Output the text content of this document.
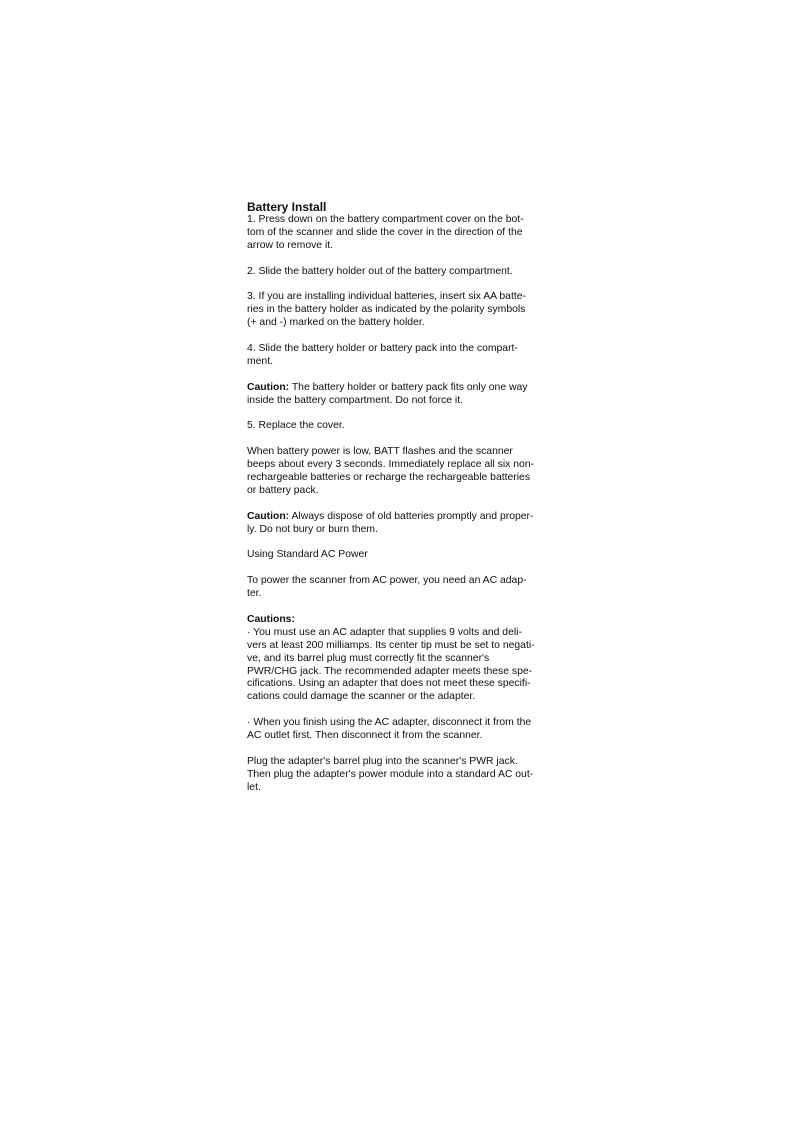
Battery Install

1. Press down on the battery compartment cover on the bot-
tom of the scanner and slide the cover in the direction of the
arrow to remove it.

2. Slide the battery holder out of the battery compartment.

3. If you are installing individual batteries, insert six AA batte-
ries in the battery holder as indicated by the polarity symbols
(+ and -) marked on the battery holder.

4. Slide the battery holder or battery pack into the compart-
ment.

Caution: The battery holder or battery pack fits only one way
inside the battery compartment. Do not force it.

5. Replace the cover.

When battery power is low, BATT flashes and the scanner
beeps about every 3 seconds. Immediately replace all six non-
rechargeable batteries or recharge the rechargeable batteries
or battery pack.

Caution: Always dispose of old batteries promptly and proper-
ly. Do not bury or burn them.

Using Standard AC Power

To power the scanner from AC power, you need an AC adap-
ter.

Cautions:

· You must use an AC adapter that supplies 9 volts and deli-
vers at least 200 milliamps. Its center tip must be set to negati-
ve, and its barrel plug must correctly fit the scanner's
PWR/CHG jack. The recommended adapter meets these spe-
cifications. Using an adapter that does not meet these specifi-
cations could damage the scanner or the adapter.

· When you finish using the AC adapter, disconnect it from the
AC outlet first. Then disconnect it from the scanner.

Plug the adapter's barrel plug into the scanner's PWR jack.
Then plug the adapter's power module into a standard AC out-
let.
